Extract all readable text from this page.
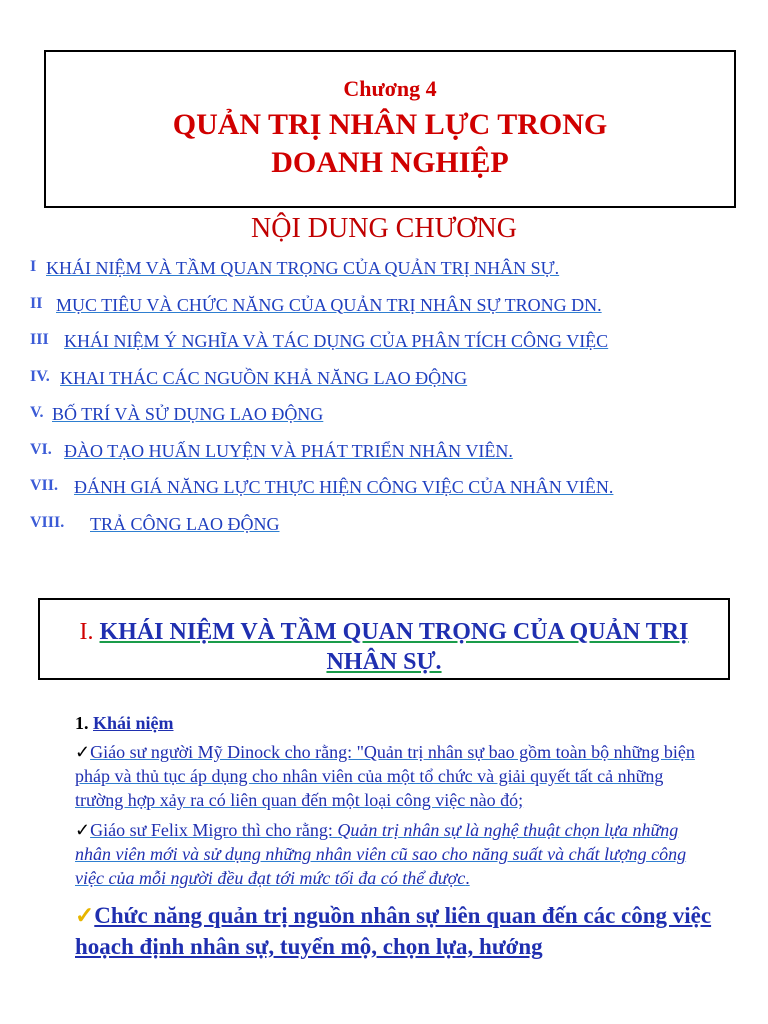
Chương 4
QUẢN TRỊ NHÂN LỰC TRONG
DOANH NGHIỆP
NỘI DUNG CHƯƠNG
I KHÁI NIỆM VÀ TẦM QUAN TRỌNG CỦA QUẢN TRỊ NHÂN SỰ.
II MỤC TIÊU VÀ CHỨC NĂNG CỦA QUẢN TRỊ NHÂN SỰ TRONG DN.
III KHÁI NIỆM Ý NGHĨA VÀ TÁC DỤNG CỦA PHÂN TÍCH CÔNG VIỆC
IV. KHAI THÁC CÁC NGUỒN KHẢ NĂNG LAO ĐỘNG
V. BỐ TRÍ VÀ SỬ DỤNG LAO ĐỘNG
VI. ĐÀO TẠO HUẤN LUYỆN VÀ PHÁT TRIỂN NHÂN VIÊN.
VII. ĐÁNH GIÁ NĂNG LỰC THỰC HIỆN CÔNG VIỆC CỦA NHÂN VIÊN.
VIII.	TRẢ CÔNG LAO ĐỘNG
I. KHÁI NIỆM VÀ TẦM QUAN TRỌNG CỦA QUẢN TRỊ
NHÂN SỰ.
1. Khái niệm

✓Giáo sư người Mỹ Dinock cho rằng: "Quản trị nhân sự bao gồm toàn bộ những biện pháp và thủ tục áp dụng cho nhân viên của một tổ chức và giải quyết tất cả những trường hợp xảy ra có liên quan đến một loại công việc nào đó;

✓Giáo sư Felix Migro thì cho rằng: Quản trị nhân sự là nghệ thuật chọn lựa những nhân viên mới và sử dụng những nhân viên cũ sao cho năng suất và chất lượng công việc của mỗi người đều đạt tới mức tối đa có thể được.

✓Chức năng quản trị nguồn nhân sự liên quan đến các công việc hoạch định nhân sự, tuyển mộ, chọn lựa, hướng
